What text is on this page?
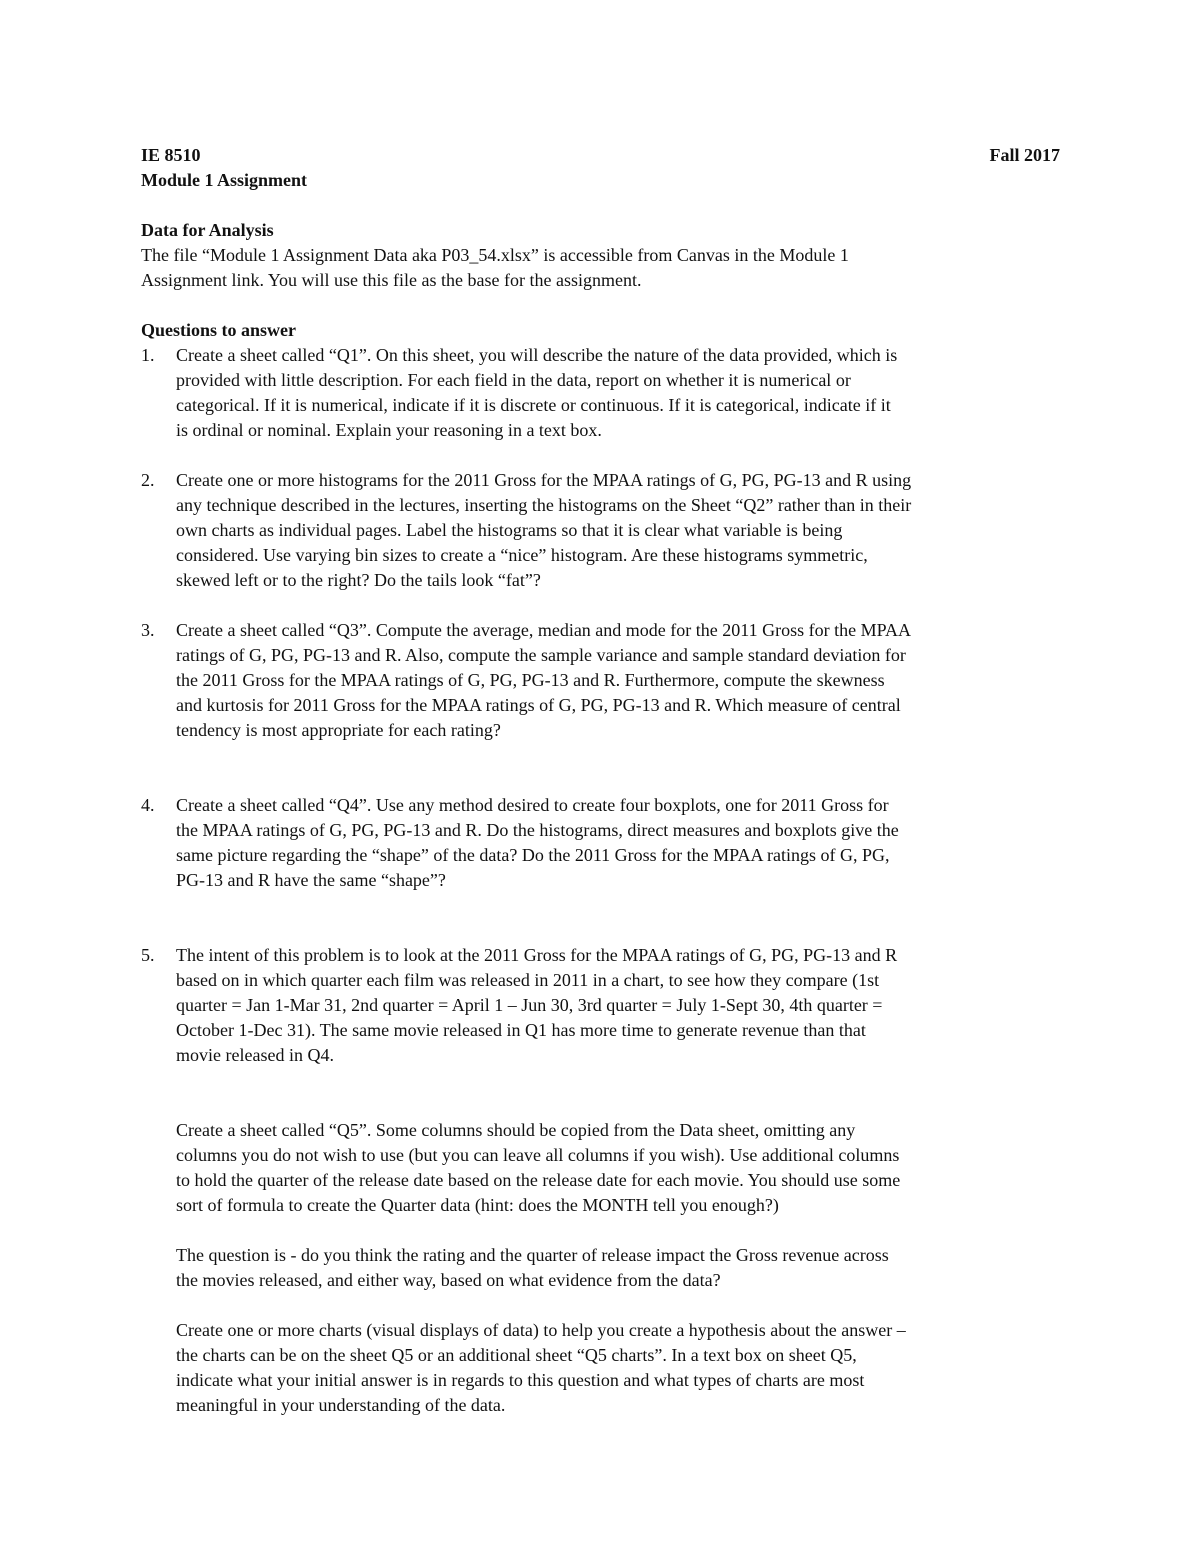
IE 8510	Fall 2017
Module 1 Assignment
Data for Analysis
The file “Module 1 Assignment Data aka P03_54.xlsx” is accessible from Canvas in the Module 1
Assignment link. You will use this file as the base for the assignment.
Questions to answer
1.	Create a sheet called “Q1”. On this sheet, you will describe the nature of the data provided, which is
provided with little description. For each field in the data, report on whether it is numerical or
categorical. If it is numerical, indicate if it is discrete or continuous. If it is categorical, indicate if it
is ordinal or nominal. Explain your reasoning in a text box.
2.	Create one or more histograms for the 2011 Gross for the MPAA ratings of G, PG, PG-13 and R using
any technique described in the lectures, inserting the histograms on the Sheet “Q2” rather than in their
own charts as individual pages. Label the histograms so that it is clear what variable is being
considered. Use varying bin sizes to create a “nice” histogram. Are these histograms symmetric,
skewed left or to the right? Do the tails look “fat”?
3.	Create a sheet called “Q3”. Compute the average, median and mode for the 2011 Gross for the MPAA
ratings of G, PG, PG-13 and R. Also, compute the sample variance and sample standard deviation for
the 2011 Gross for the MPAA ratings of G, PG, PG-13 and R. Furthermore, compute the skewness
and kurtosis for 2011 Gross for the MPAA ratings of G, PG, PG-13 and R. Which measure of central
tendency is most appropriate for each rating?
4.	Create a sheet called “Q4”. Use any method desired to create four boxplots, one for 2011 Gross for
the MPAA ratings of G, PG, PG-13 and R. Do the histograms, direct measures and boxplots give the
same picture regarding the “shape” of the data? Do the 2011 Gross for the MPAA ratings of G, PG,
PG-13 and R have the same “shape”?
5.	The intent of this problem is to look at the 2011 Gross for the MPAA ratings of G, PG, PG-13 and R
based on in which quarter each film was released in 2011 in a chart, to see how they compare (1st
quarter = Jan 1-Mar 31, 2nd quarter = April 1 – Jun 30, 3rd quarter = July 1-Sept 30, 4th quarter =
October 1-Dec 31). The same movie released in Q1 has more time to generate revenue than that
movie released in Q4.
Create a sheet called “Q5”. Some columns should be copied from the Data sheet, omitting any
columns you do not wish to use (but you can leave all columns if you wish). Use additional columns
to hold the quarter of the release date based on the release date for each movie. You should use some
sort of formula to create the Quarter data (hint: does the MONTH tell you enough?)
The question is - do you think the rating and the quarter of release impact the Gross revenue across
the movies released, and either way, based on what evidence from the data?
Create one or more charts (visual displays of data) to help you create a hypothesis about the answer –
the charts can be on the sheet Q5 or an additional sheet “Q5 charts”. In a text box on sheet Q5,
indicate what your initial answer is in regards to this question and what types of charts are most
meaningful in your understanding of the data.
